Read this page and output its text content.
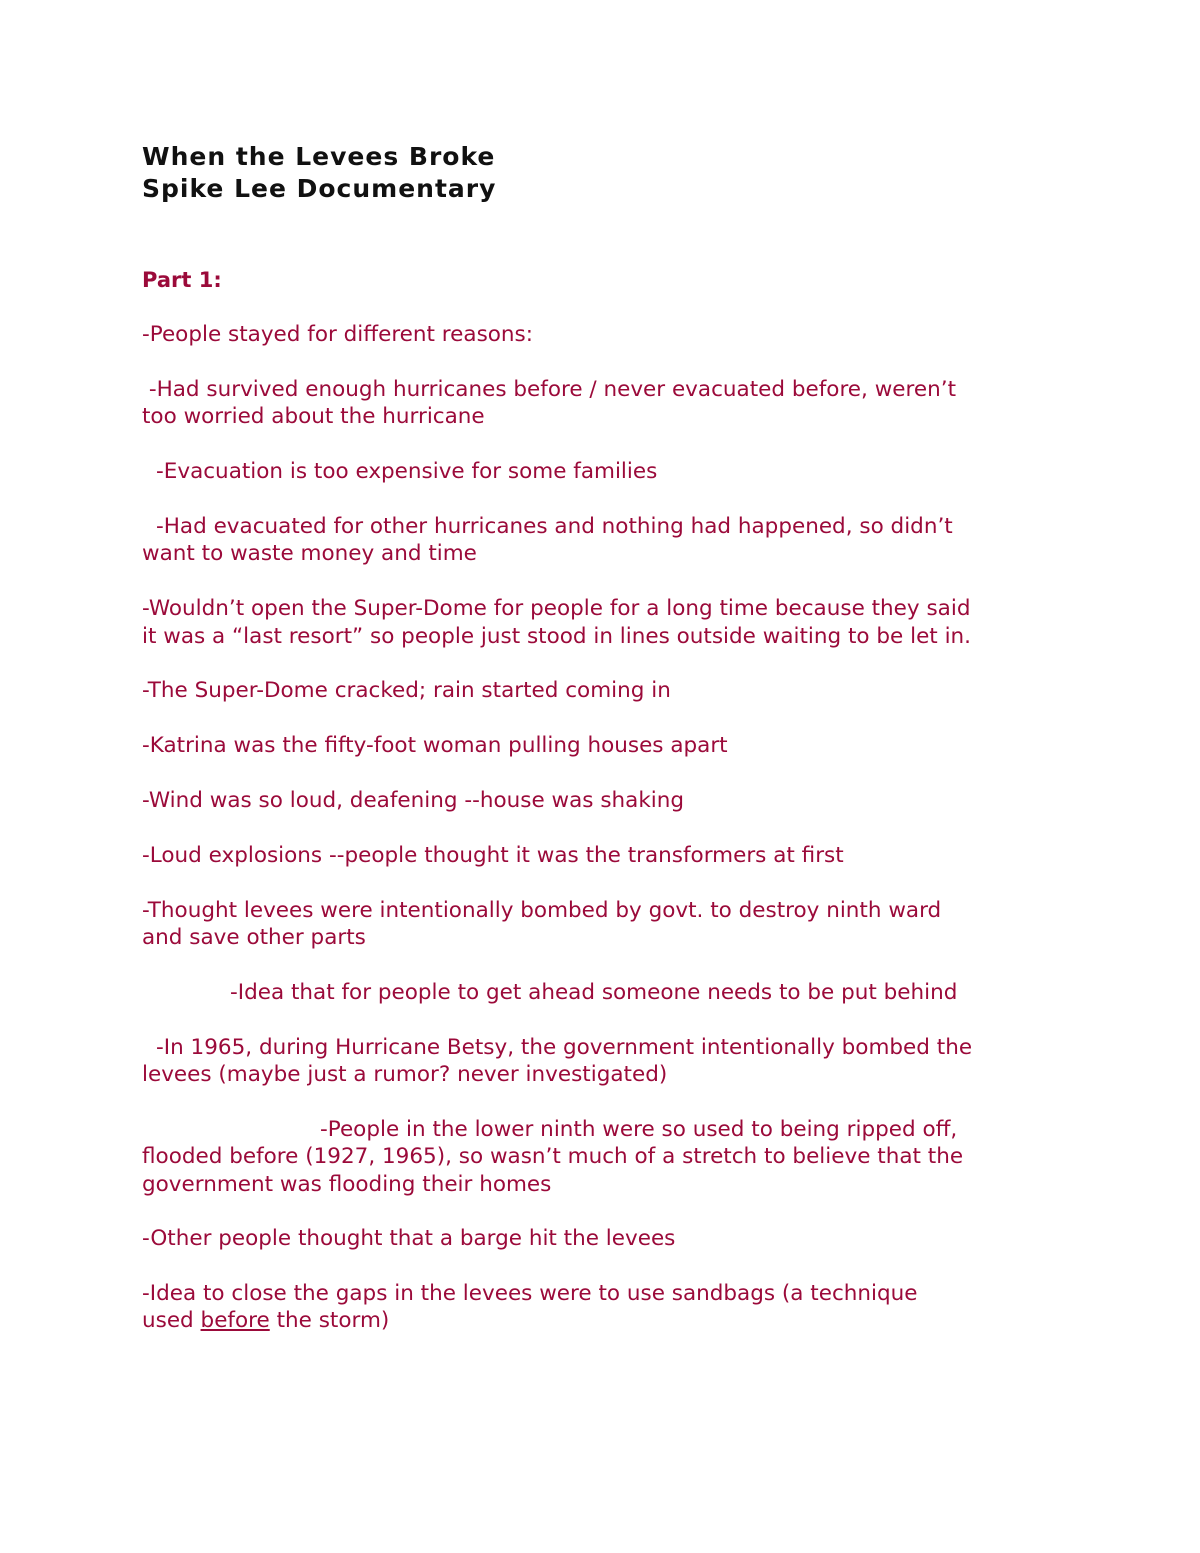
When the Levees Broke
Spike Lee Documentary
Part 1:
-People stayed for different reasons:
-Had survived enough hurricanes before / never evacuated before, weren’t
too worried about the hurricane
-Evacuation is too expensive for some families
-Had evacuated for other hurricanes and nothing had happened, so didn’t
want to waste money and time
-Wouldn’t open the Super-Dome for people for a long time because they said
it was a “last resort” so people just stood in lines outside waiting to be let in.
-The Super-Dome cracked; rain started coming in
-Katrina was the fifty-foot woman pulling houses apart
-Wind was so loud, deafening --house was shaking
-Loud explosions --people thought it was the transformers at first
-Thought levees were intentionally bombed by govt. to destroy ninth ward
and save other parts
-Idea that for people to get ahead someone needs to be put behind
-In 1965, during Hurricane Betsy, the government intentionally bombed the
levees (maybe just a rumor? never investigated)
-People in the lower ninth were so used to being ripped off,
flooded before (1927, 1965), so wasn’t much of a stretch to believe that the
government was flooding their homes
-Other people thought that a barge hit the levees
-Idea to close the gaps in the levees were to use sandbags (a technique
used before the storm)
